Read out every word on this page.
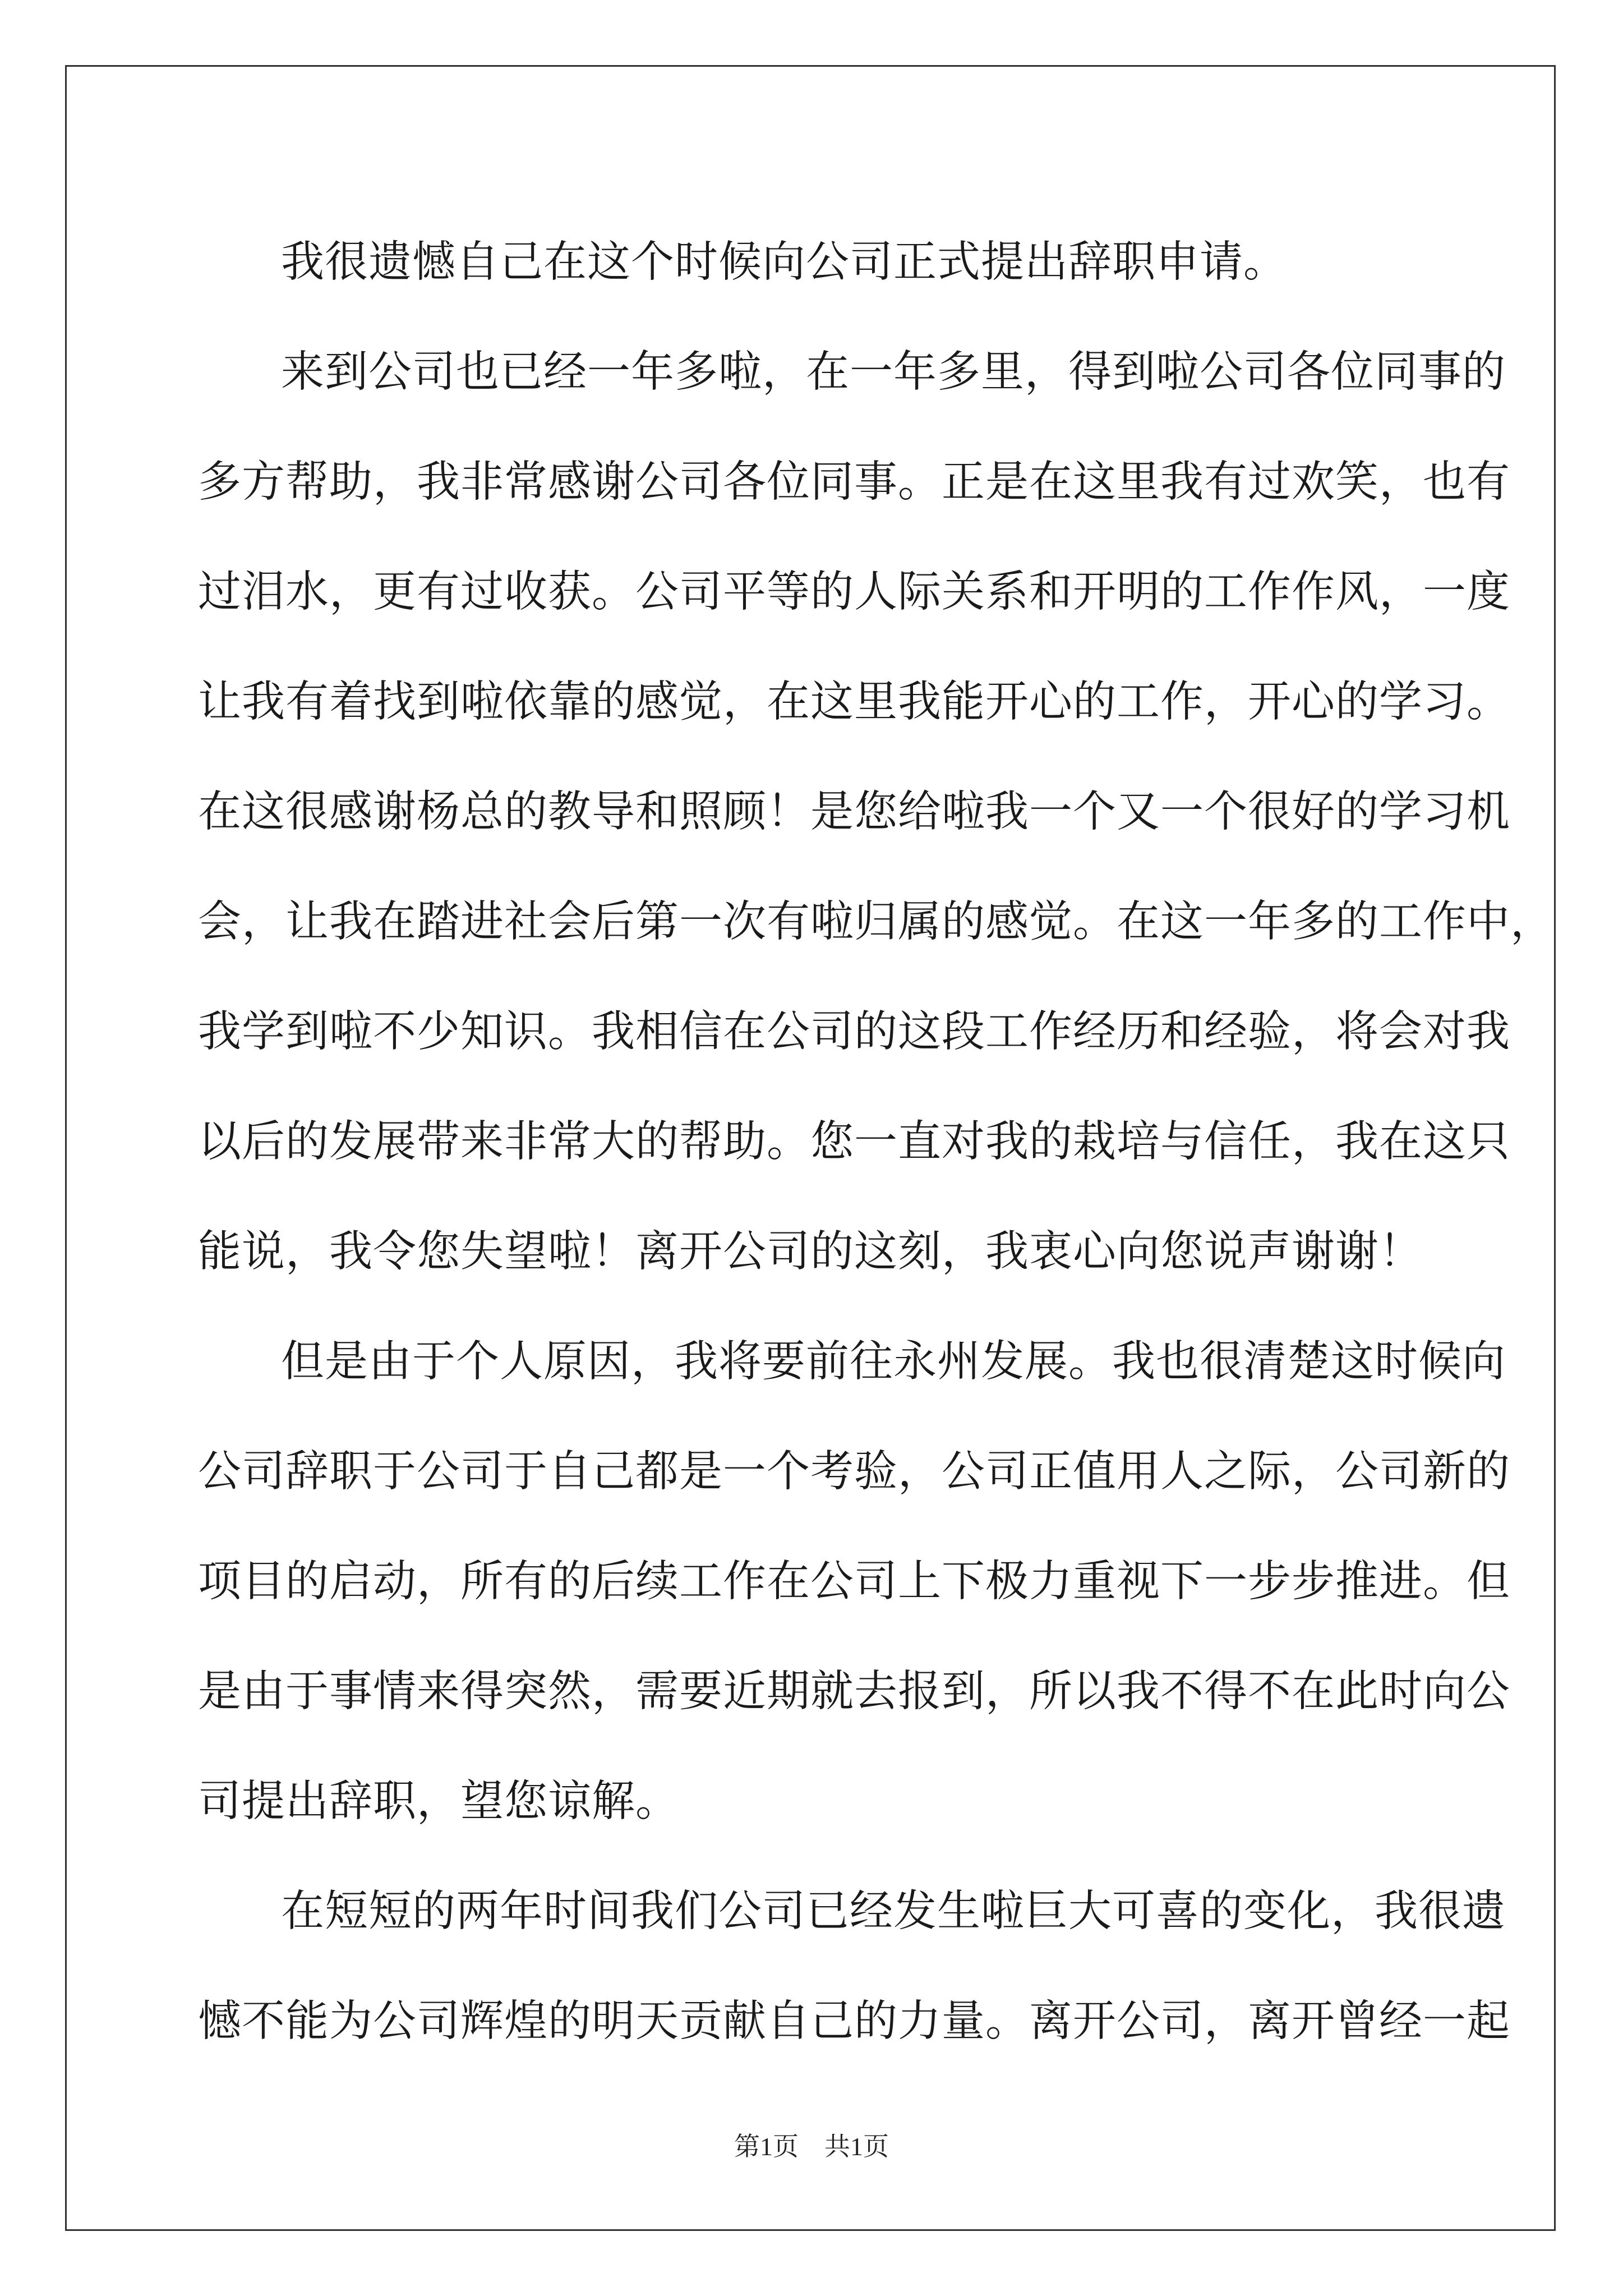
我很遗憾自己在这个时候向公司正式提出辞职申请。
来到公司也已经一年多啦，在一年多里，得到啦公司各位同事的
多方帮助，我非常感谢公司各位同事。正是在这里我有过欢笑，也有
过泪水，更有过收获。公司平等的人际关系和开明的工作作风，一度
让我有着找到啦依靠的感觉，在这里我能开心的工作，开心的学习。
在这很感谢杨总的教导和照顾！是您给啦我一个又一个很好的学习机
会，让我在踏进社会后第一次有啦归属的感觉。在这一年多的工作中，
我学到啦不少知识。我相信在公司的这段工作经历和经验，将会对我
以后的发展带来非常大的帮助。您一直对我的栽培与信任，我在这只
能说，我令您失望啦！离开公司的这刻，我衷心向您说声谢谢！
但是由于个人原因，我将要前往永州发展。我也很清楚这时候向
公司辞职于公司于自己都是一个考验，公司正值用人之际，公司新的
项目的启动，所有的后续工作在公司上下极力重视下一步步推进。但
是由于事情来得突然，需要近期就去报到，所以我不得不在此时向公
司提出辞职，望您谅解。
在短短的两年时间我们公司已经发生啦巨大可喜的变化，我很遗
憾不能为公司辉煌的明天贡献自己的力量。离开公司，离开曾经一起
第1页 共1页
